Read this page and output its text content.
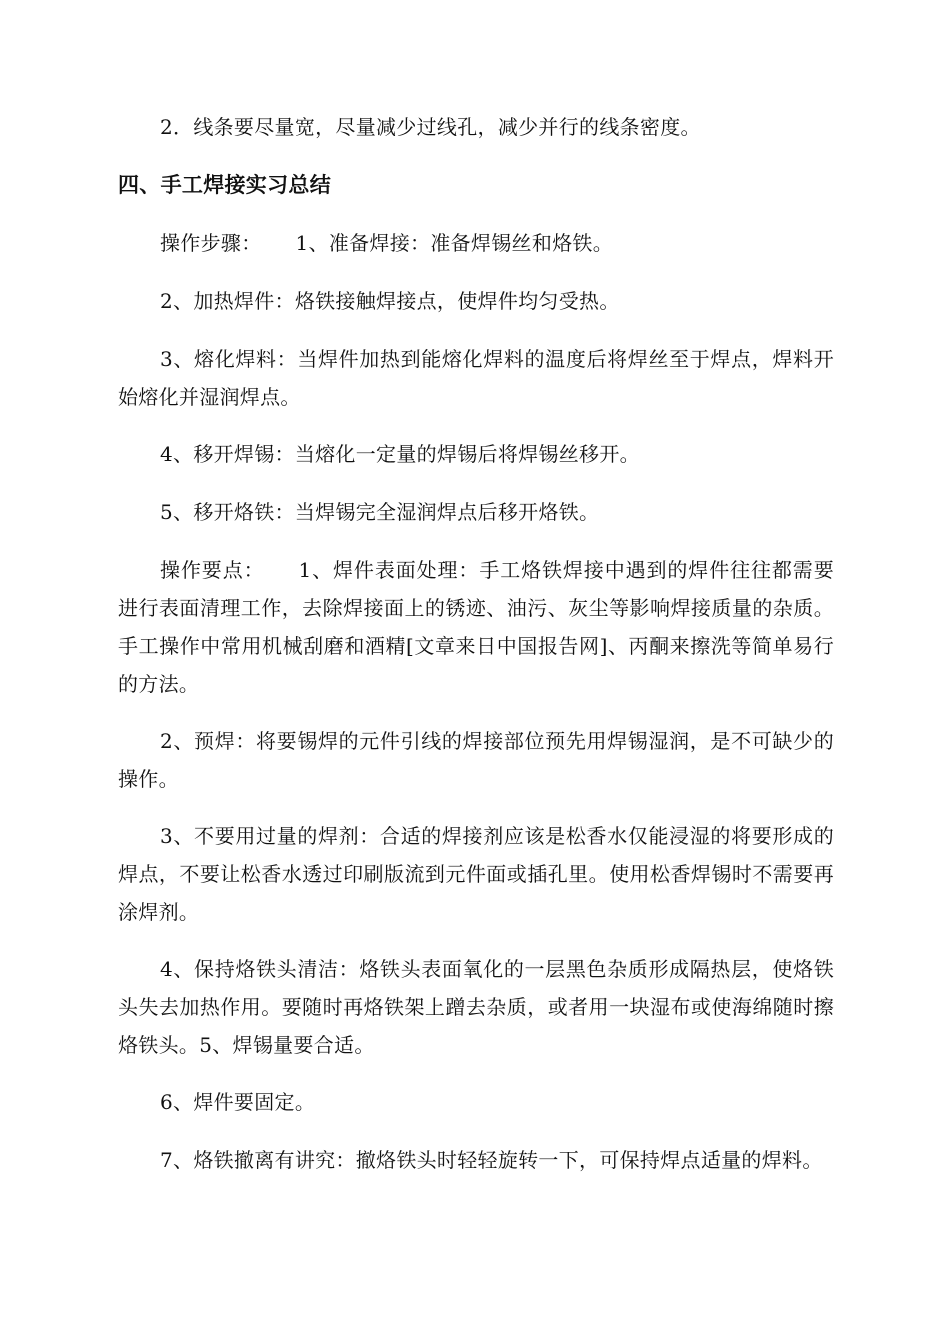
2．线条要尽量宽，尽量减少过线孔，减少并行的线条密度。

四、手工焊接实习总结

操作步骤： 1、准备焊接：准备焊锡丝和烙铁。

2、加热焊件：烙铁接触焊接点，使焊件均匀受热。

3、熔化焊料：当焊件加热到能熔化焊料的温度后将焊丝至于焊点，焊料开始熔化并湿润焊点。

4、移开焊锡：当熔化一定量的焊锡后将焊锡丝移开。

5、移开烙铁：当焊锡完全湿润焊点后移开烙铁。

操作要点： 1、焊件表面处理：手工烙铁焊接中遇到的焊件往往都需要进行表面清理工作，去除焊接面上的锈迹、油污、灰尘等影响焊接质量的杂质。手工操作中常用机械刮磨和酒精[文章来日中国报告网]、丙酮来擦洗等简单易行的方法。

2、预焊：将要锡焊的元件引线的焊接部位预先用焊锡湿润，是不可缺少的操作。

3、不要用过量的焊剂：合适的焊接剂应该是松香水仅能浸湿的将要形成的焊点，不要让松香水透过印刷版流到元件面或插孔里。使用松香焊锡时不需要再涂焊剂。

4、保持烙铁头清洁：烙铁头表面氧化的一层黑色杂质形成隔热层，使烙铁头失去加热作用。要随时再烙铁架上蹭去杂质，或者用一块湿布或使海绵随时擦烙铁头。5、焊锡量要合适。

6、焊件要固定。

7、烙铁撤离有讲究：撤烙铁头时轻轻旋转一下，可保持焊点适量的焊料。
